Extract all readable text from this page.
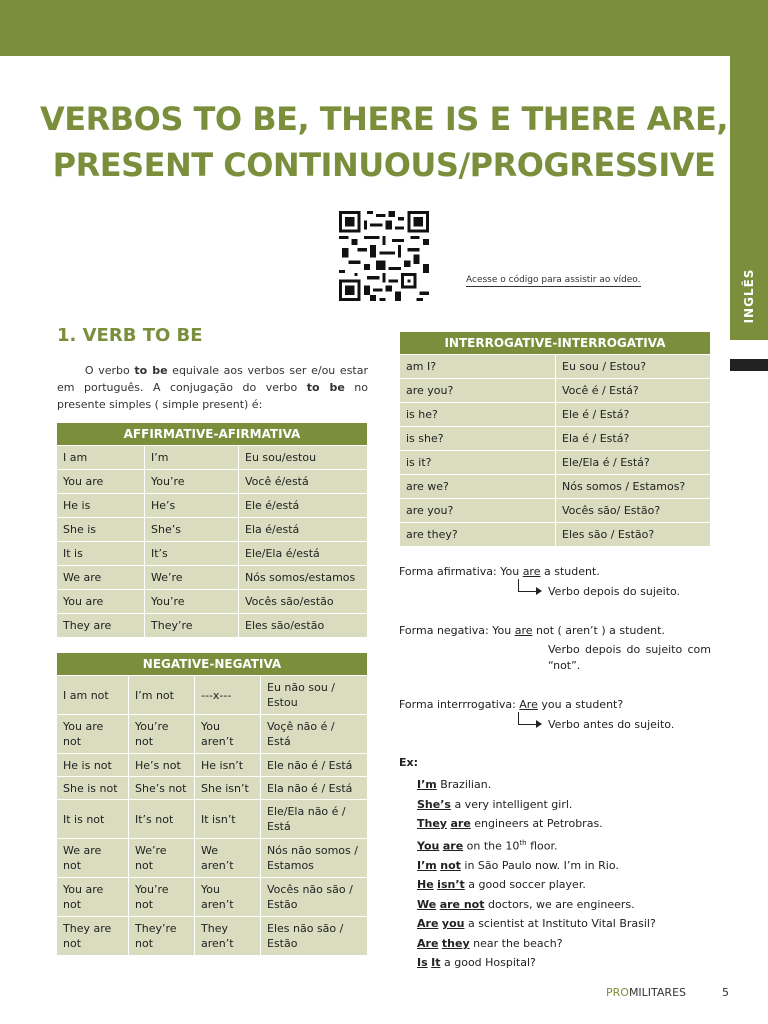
INGLÊS
VERBOS TO BE, THERE IS E THERE ARE,
PRESENT CONTINUOUS/PROGRESSIVE
Acesse o código para assistir ao vídeo.
1. VERB TO BE
O verbo to be equivale aos verbos ser e/ou estar em português. A conjugação do verbo to be no presente simples ( simple present) é:
AFFIRMATIVE-AFIRMATIVA		
I am	I’m	Eu sou/estou
You are	You’re	Você é/está
He is	He’s	Ele é/está
She is	She’s	Ela é/está
It is	It’s	Ele/Ela é/está
We are	We’re	Nós somos/estamos
You are	You’re	Vocês são/estão
They are	They’re	Eles são/estão
NEGATIVE-NEGATIVA			
I am not	I’m not	---x---	Eu não sou / Estou
You are not	You’re not	You aren’t	Voçê não é / Está
He is not	He’s not	He isn’t	Ele não é / Está
She is not	She’s not	She isn’t	Ela não é / Está
It is not	It’s not	It isn’t	Ele/Ela não é / Está
We are not	We’re not	We aren’t	Nós não somos / Estamos
You are not	You’re not	You aren’t	Vocês não são / Estão
They are not	They’re not	They aren’t	Eles não são / Estão
INTERROGATIVE-INTERROGATIVA	
am I?	Eu sou / Estou?
are you?	Você é / Está?
is he?	Ele é / Está?
is she?	Ela é / Está?
is it?	Ele/Ela é / Está?
are we?	Nós somos / Estamos?
are you?	Vocês são/ Estão?
are they?	Eles são / Estão?
Forma afirmativa: You are a student.
Verbo depois do sujeito.
Forma negativa: You are not ( aren’t ) a student.
Verbo depois do sujeito com
“not”.
Forma interrrogativa: Are you a student?
Verbo antes do sujeito.
Ex:
I’m Brazilian.
She’s a very intelligent girl.
They are engineers at Petrobras.
You are on the 10th floor.
I’m not in São Paulo now. I’m in Rio.
He isn’t a good soccer player.
We are not doctors, we are engineers.
Are you a scientist at Instituto Vital Brasil?
Are they near the beach?
Is It a good Hospital?
PROMILITARES	5
